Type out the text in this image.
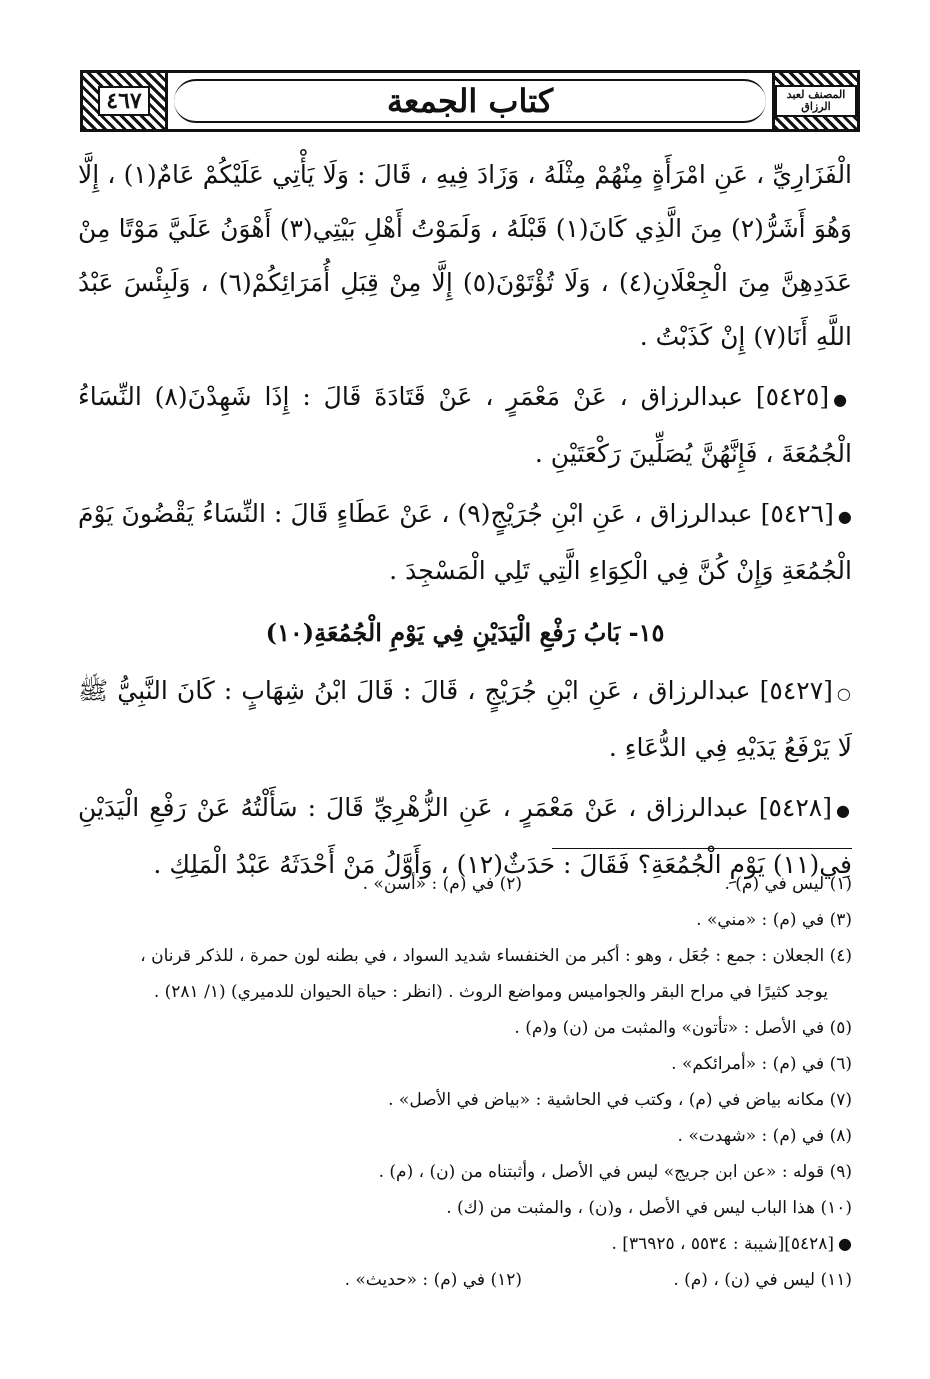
المصنف لعبد الرزاق
كتاب الجمعة
٤٦٧

الْفَزَارِيِّ ، عَنِ امْرَأَةٍ مِنْهُمْ مِثْلَهُ ، وَزَادَ فِيهِ ، قَالَ : وَلَا يَأْتِي عَلَيْكُمْ عَامٌ(١) ، إِلَّا وَهُوَ أَشَرُّ(٢) مِنَ الَّذِي كَانَ(١) قَبْلَهُ ، وَلَمَوْتُ أَهْلِ بَيْتِي(٣) أَهْوَنُ عَلَيَّ مَوْتًا مِنْ عَدَدِهِنَّ مِنَ الْجِعْلَانِ(٤) ، وَلَا تُؤْتَوْنَ(٥) إِلَّا مِنْ قِبَلِ أُمَرَائِكُمْ(٦) ، وَلَبِئْسَ عَبْدُ اللَّهِ أَنَا(٧) إِنْ كَذَبْتُ .

●[٥٤٢٥] عبدالرزاق ، عَنْ مَعْمَرٍ ، عَنْ قَتَادَةَ قَالَ : إِذَا شَهِدْنَ(٨) النِّسَاءُ الْجُمُعَةَ ، فَإِنَّهُنَّ يُصَلِّينَ رَكْعَتَيْنِ .

●[٥٤٢٦] عبدالرزاق ، عَنِ ابْنِ جُرَيْجٍ(٩) ، عَنْ عَطَاءٍ قَالَ : النِّسَاءُ يَقْضُونَ يَوْمَ الْجُمُعَةِ وَإِنْ كُنَّ فِي الْكِوَاءِ الَّتِي تَلِي الْمَسْجِدَ .

١٥- بَابُ رَفْعِ الْيَدَيْنِ فِي يَوْمِ الْجُمُعَةِ(١٠)

○[٥٤٢٧] عبدالرزاق ، عَنِ ابْنِ جُرَيْجٍ ، قَالَ : قَالَ ابْنُ شِهَابٍ : كَانَ النَّبِيُّ ﷺ لَا يَرْفَعُ يَدَيْهِ فِي الدُّعَاءِ .

●[٥٤٢٨] عبدالرزاق ، عَنْ مَعْمَرٍ ، عَنِ الزُّهْرِيِّ قَالَ : سَأَلْتُهُ عَنْ رَفْعِ الْيَدَيْنِ فِي(١١) يَوْمِ الْجُمُعَةِ؟ فَقَالَ : حَدَثٌ(١٢) ، وَأَوَّلُ مَنْ أَحْدَثَهُ عَبْدُ الْمَلِكِ .

(١) ليس في (م) .
(٢) في (م) : «أسن» .

(٣) في (م) : «مني» .

(٤) الجعلان : جمع : جُعَل ، وهو : أكبر من الخنفساء شديد السواد ، في بطنه لون حمرة ، للذكر قرنان ،

يوجد كثيرًا في مراح البقر والجواميس ومواضع الروث . (انظر : حياة الحيوان للدميري) (١/ ٢٨١) .

(٥) في الأصل : «تأتون» والمثبت من (ن) و(م) .

(٦) في (م) : «أمرائكم» .

(٧) مكانه بياض في (م) ، وكتب في الحاشية : «بياض في الأصل» .

(٨) في (م) : «شهدت» .

(٩) قوله : «عن ابن جريج» ليس في الأصل ، وأثبتناه من (ن) ، (م) .

(١٠) هذا الباب ليس في الأصل ، و(ن) ، والمثبت من (ك) .

●[٥٤٢٨][شيبة : ٥٥٣٤ ، ٣٦٩٢٥] .

(١١) ليس في (ن) ، (م) .
(١٢) في (م) : «حديث» .
